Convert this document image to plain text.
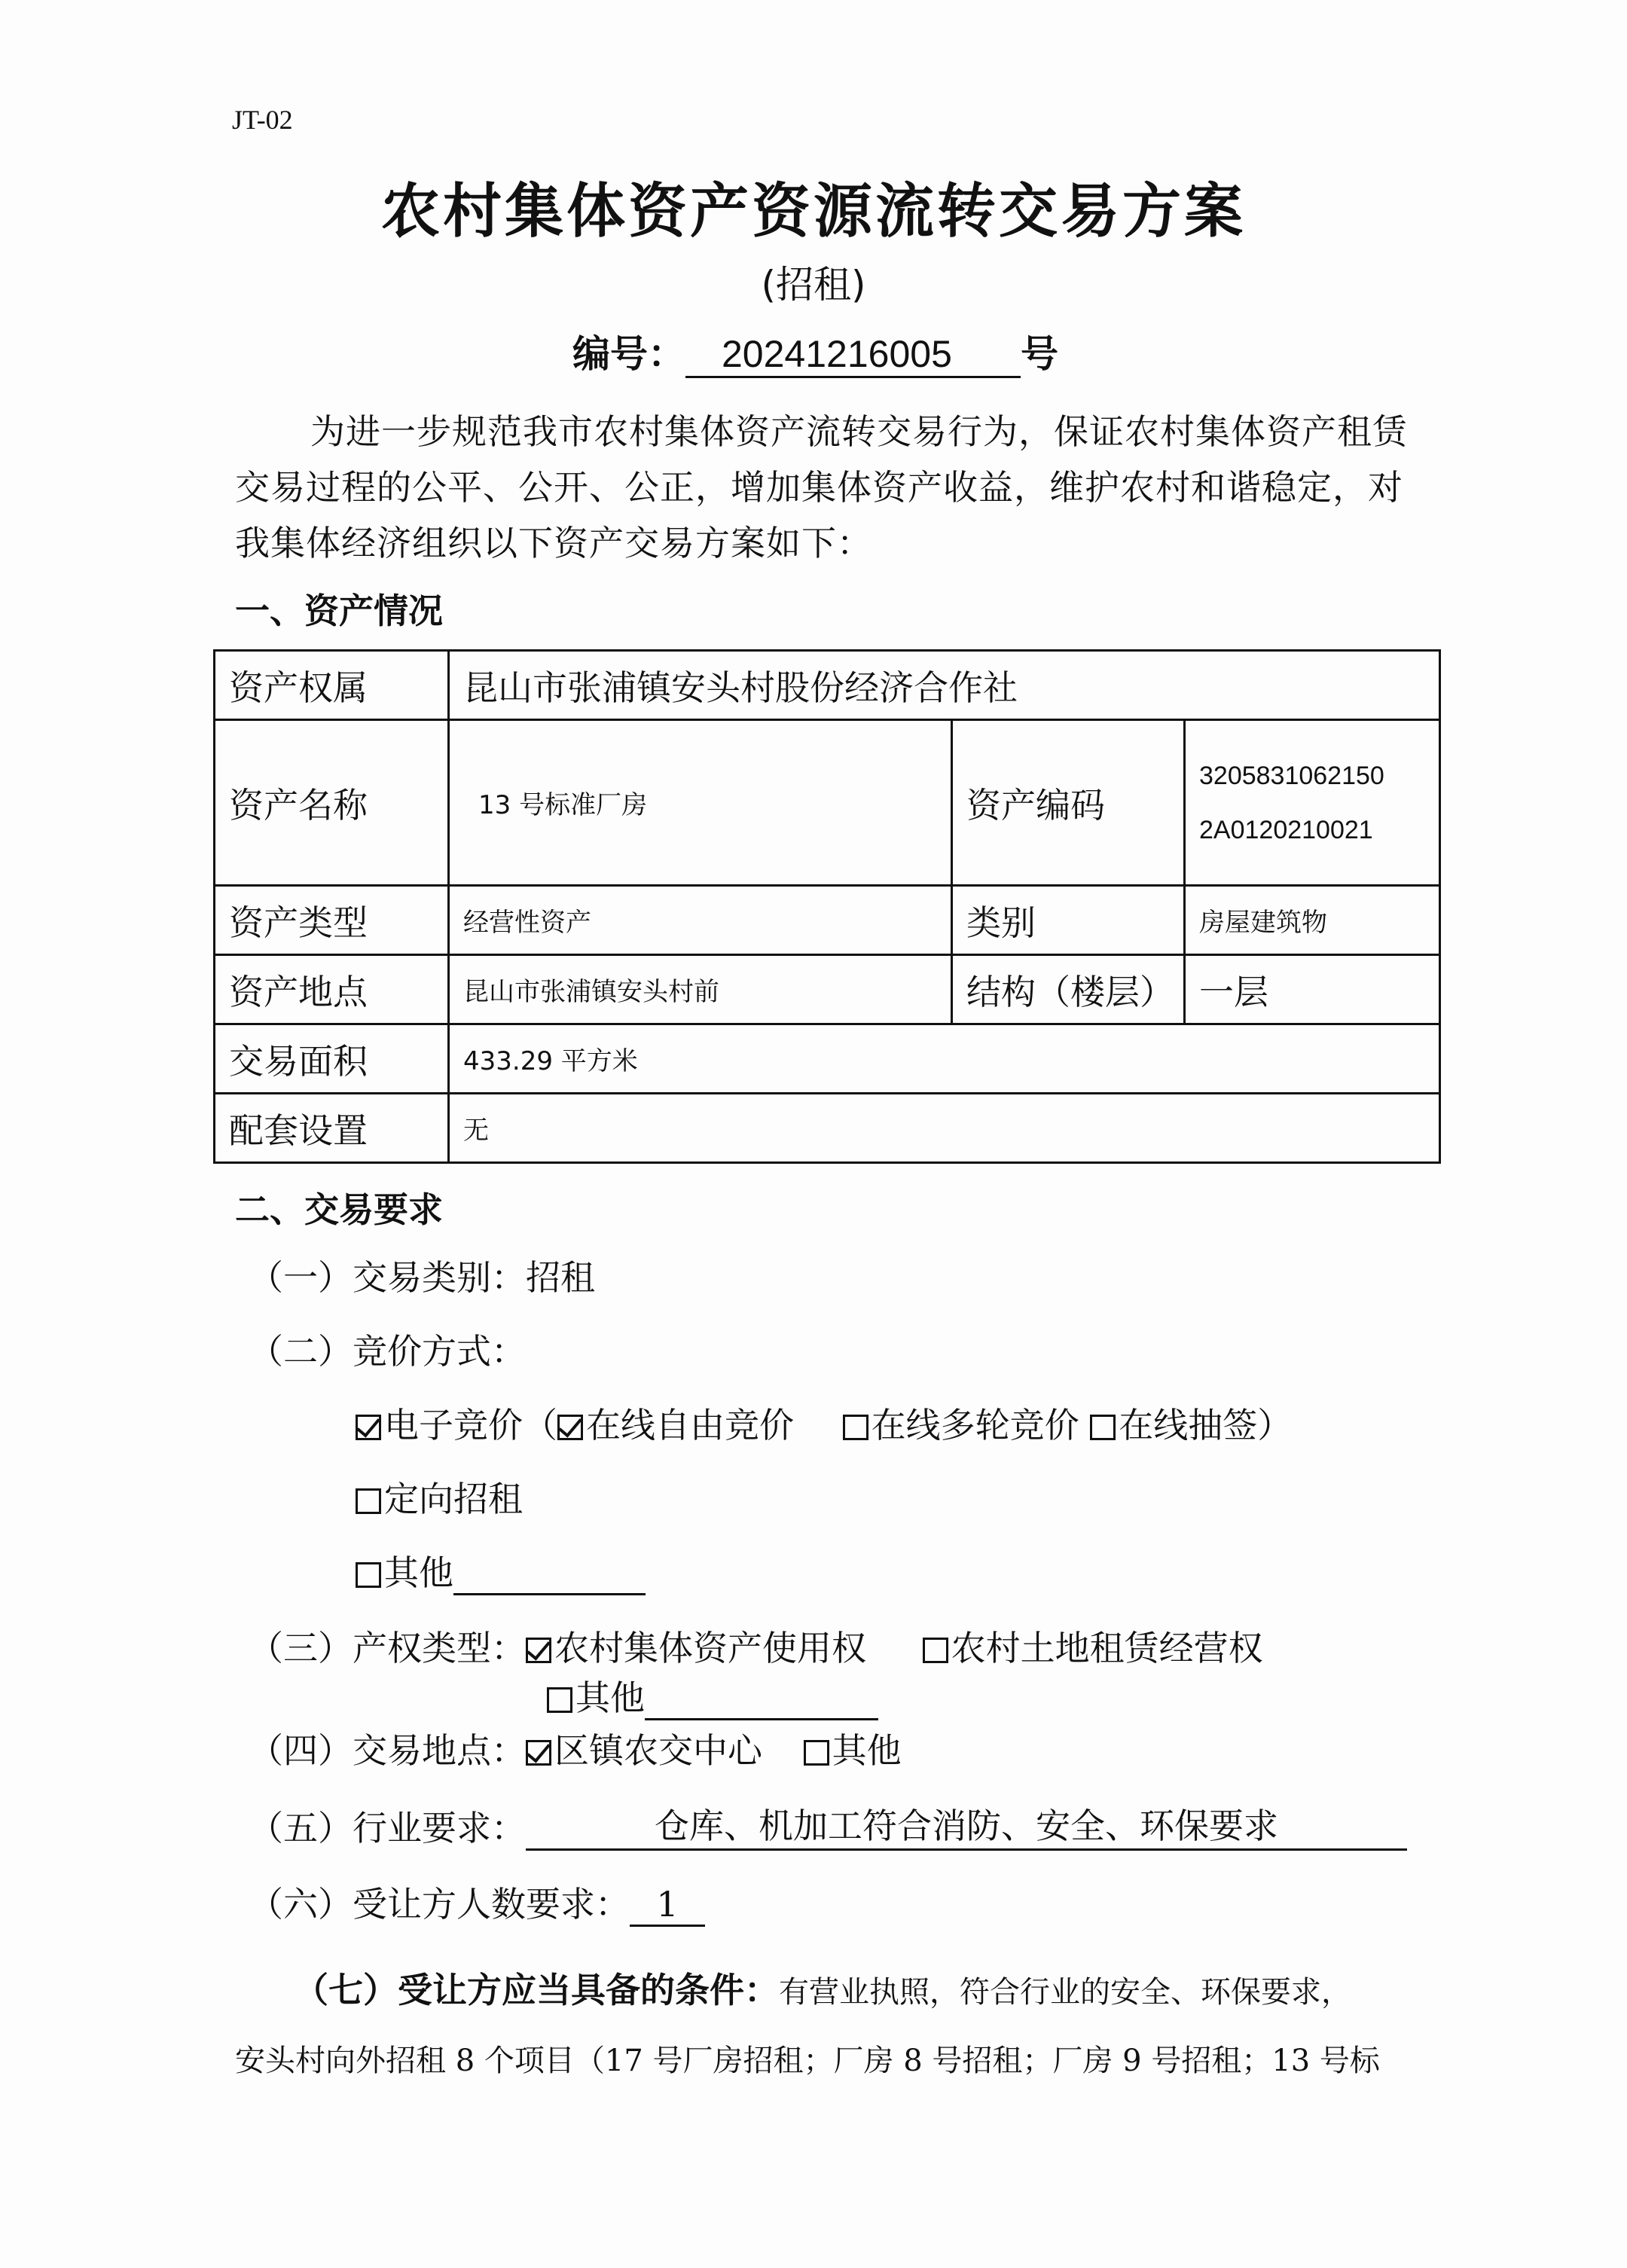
JT-02
农村集体资产资源流转交易方案
(招租)
编号： 20241216005 号
为进一步规范我市农村集体资产流转交易行为，保证农村集体资产租赁交易过程的公平、公开、公正，增加集体资产收益，维护农村和谐稳定，对我集体经济组织以下资产交易方案如下：
一、资产情况
资产权属	昆山市张浦镇安头村股份经济合作社		
资产名称	13 号标准厂房	资产编码	3205831062150
2A0120210021

资产类型	经营性资产	类别	房屋建筑物
资产地点	昆山市张浦镇安头村前	结构（楼层）	一层
交易面积	433.29 平方米		
配套设置	无		
二、交易要求
（一）交易类别：招租
（二）竞价方式：
电子竞价（ 在线自由竞价 在线多轮竞价 在线抽签）
定向招租
其他
（三）产权类型： 农村集体资产使用权 农村土地租赁经营权
其他
（四）交易地点： 区镇农交中心 其他
（五）行业要求：	仓库、机加工符合消防、安全、环保要求
（六）受让方人数要求： 1
（七）受让方应当具备的条件：有营业执照，符合行业的安全、环保要求，
安头村向外招租 8 个项目（17 号厂房招租；厂房 8 号招租；厂房 9 号招租；13 号标
